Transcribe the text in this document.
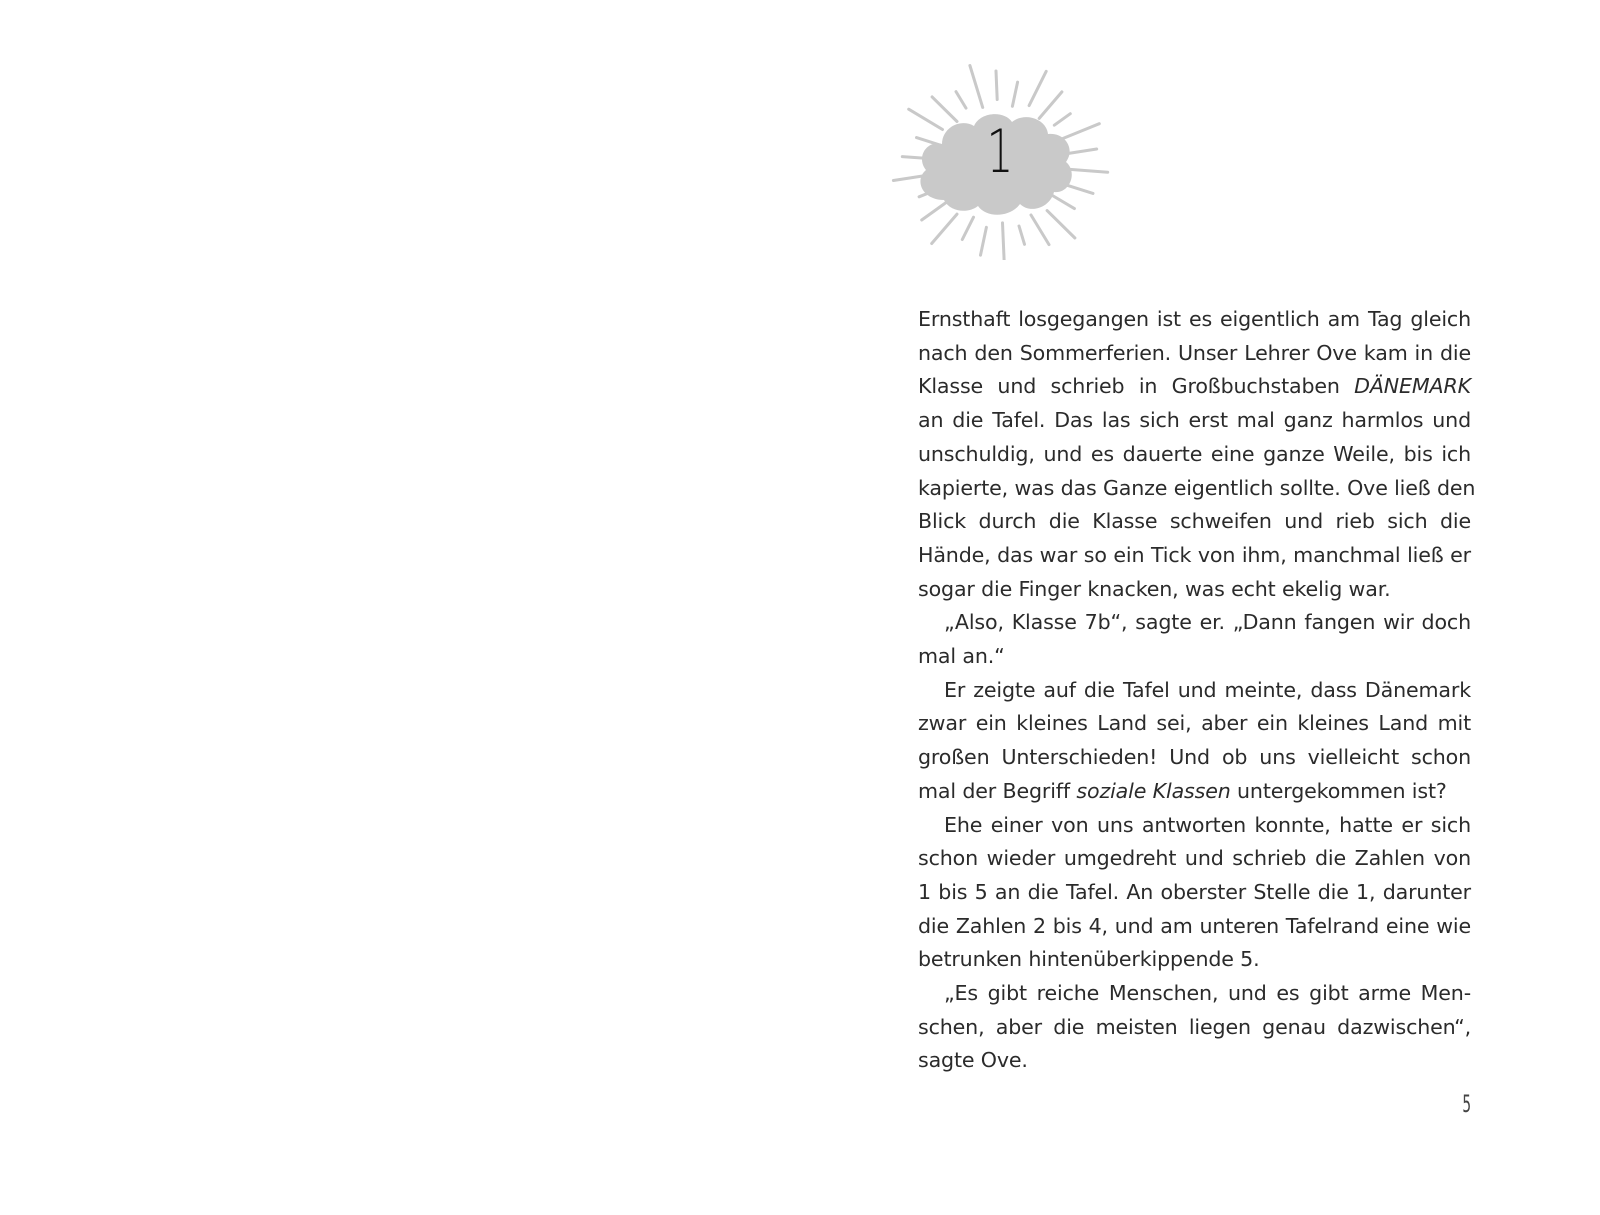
1

Ernsthaft losgegangen ist es eigentlich am Tag gleich
nach den Sommerferien. Unser Lehrer Ove kam in die
Klasse und schrieb in Großbuchstaben DÄNEMARK
an die Tafel. Das las sich erst mal ganz harmlos und
unschuldig, und es dauerte eine ganze Weile, bis ich
kapierte, was das Ganze eigentlich sollte. Ove ließ den
Blick durch die Klasse schweifen und rieb sich die
Hände, das war so ein Tick von ihm, manchmal ließ er
sogar die Finger knacken, was echt ekelig war.

„Also, Klasse 7b“, sagte er. „Dann fangen wir doch
mal an.“

Er zeigte auf die Tafel und meinte, dass Dänemark
zwar ein kleines Land sei, aber ein kleines Land mit
großen Unterschieden! Und ob uns vielleicht schon
mal der Begriff soziale Klassen untergekommen ist?

Ehe einer von uns antworten konnte, hatte er sich
schon wieder umgedreht und schrieb die Zahlen von
1 bis 5 an die Tafel. An oberster Stelle die 1, darunter
die Zahlen 2 bis 4, und am unteren Tafelrand eine wie
betrunken hintenüberkippende 5.

„Es gibt reiche Menschen, und es gibt arme Men-
schen, aber die meisten liegen genau dazwischen“,
sagte Ove.

5
